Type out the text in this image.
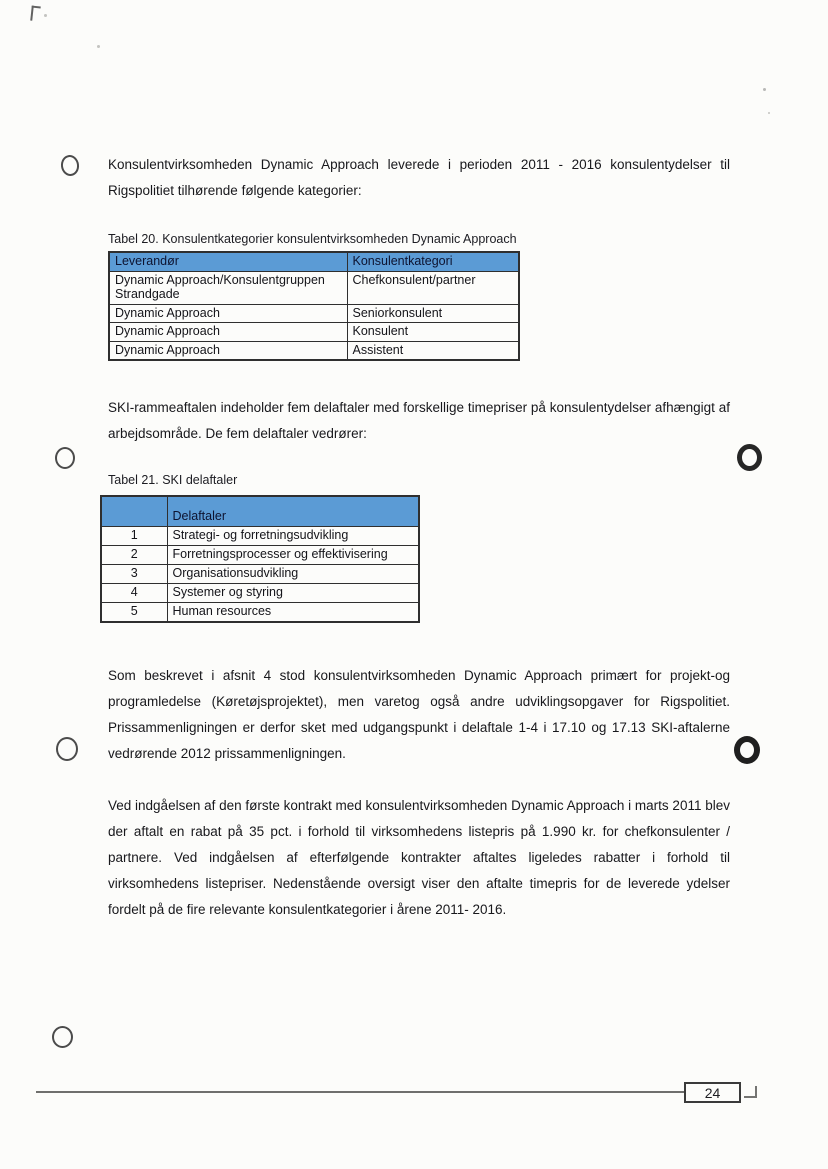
Konsulentvirksomheden Dynamic Approach leverede i perioden 2011 - 2016 konsulentydelser til Rigspolitiet tilhørende følgende kategorier:

Tabel 20. Konsulentkategorier konsulentvirksomheden Dynamic Approach
Leverandør	Konsulentkategori
Dynamic Approach/Konsulentgruppen Strandgade	Chefkonsulent/partner
Dynamic Approach	Seniorkonsulent
Dynamic Approach	Konsulent
Dynamic Approach	Assistent

SKI-rammeaftalen indeholder fem delaftaler med forskellige timepriser på konsulentydelser afhængigt af arbejdsområde. De fem delaftaler vedrører:

Tabel 21. SKI delaftaler
	Delaftaler
1	Strategi- og forretningsudvikling
2	Forretningsprocesser og effektivisering
3	Organisationsudvikling
4	Systemer og styring
5	Human resources

Som beskrevet i afsnit 4 stod konsulentvirksomheden Dynamic Approach primært for projekt-og programledelse (Køretøjsprojektet), men varetog også andre udviklingsopgaver for Rigspolitiet. Prissammenligningen er derfor sket med udgangspunkt i delaftale 1-4 i 17.10 og 17.13 SKI-aftalerne vedrørende 2012 prissammenligningen.

Ved indgåelsen af den første kontrakt med konsulentvirksomheden Dynamic Approach i marts 2011 blev der aftalt en rabat på 35 pct. i forhold til virksomhedens listepris på 1.990 kr. for chefkonsulenter / partnere. Ved indgåelsen af efterfølgende kontrakter aftaltes ligeledes rabatter i forhold til virksomhedens listepriser. Nedenstående oversigt viser den aftalte timepris for de leverede ydelser fordelt på de fire relevante konsulentkategorier i årene 2011- 2016.

24
